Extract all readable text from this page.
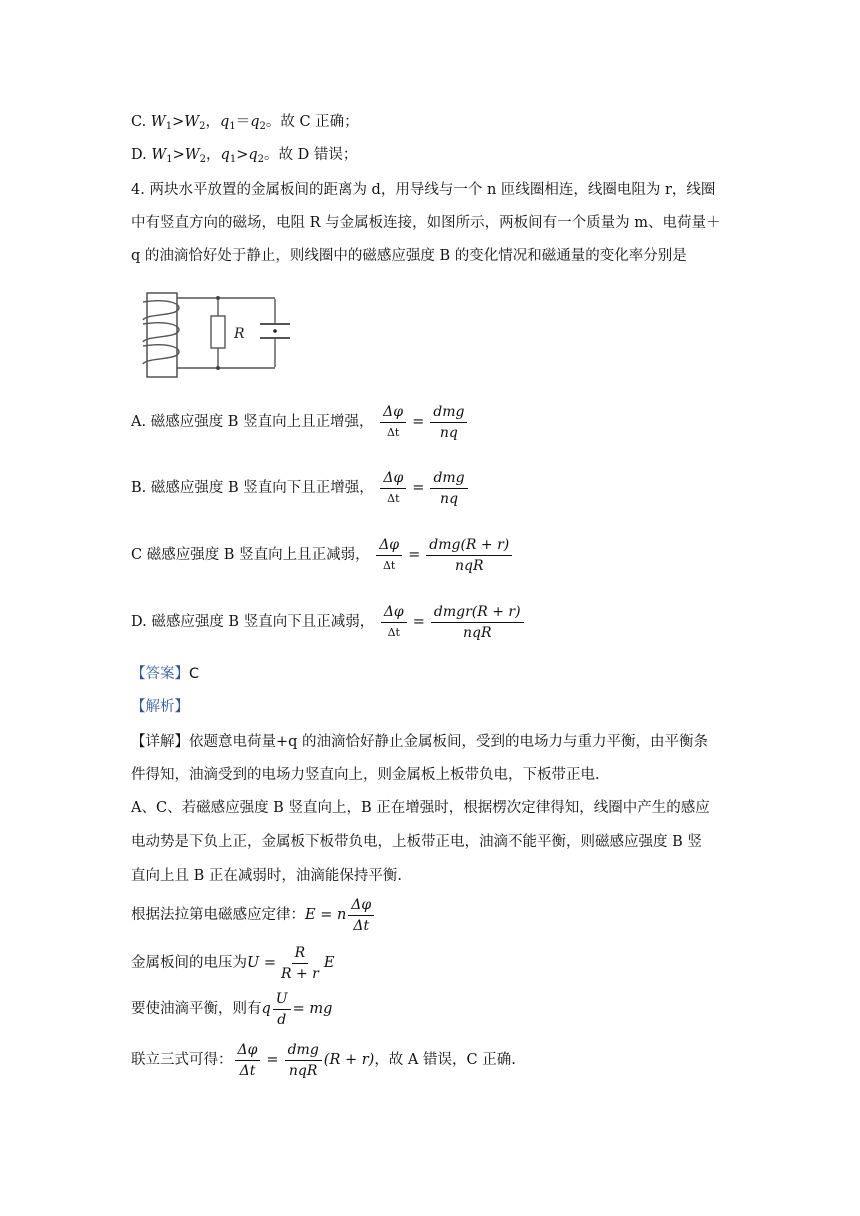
C. $W_1>W_2$，$q_1=q_2$。故 C 正确；
D. $W_1>W_2$，$q_1>q_2$。故 D 错误；
4. 两块水平放置的金属板间的距离为 d，用导线与一个 n 匝线圈相连，线圈电阻为 r，线圈
中有竖直方向的磁场，电阻 R 与金属板连接，如图所示，两板间有一个质量为 m、电荷量＋
q 的油滴恰好处于静止，则线圈中的磁感应强度 B 的变化情况和磁通量的变化率分别是
R
A. 磁感应强度 B 竖直向上且正增强， $\frac{\Delta\varphi}{\Delta t} = \frac{\text{dmg}}{nq}$
B. 磁感应强度 B 竖直向下且正增强， $\frac{\Delta\varphi}{\Delta t} = \frac{\text{dmg}}{nq}$
C 磁感应强度 B 竖直向上且正减弱， $\frac{\Delta\varphi}{\Delta t} = \frac{\text{dmg(R + r)}}{\text{nqR}}$
D. 磁感应强度 B 竖直向下且正减弱， $\frac{\Delta\varphi}{\Delta t} = \frac{\text{dmgr(R + r)}}{\text{nqR}}$
【答案】C
【解析】
【详解】依题意电荷量+q 的油滴恰好静止金属板间，受到的电场力与重力平衡，由平衡条
件得知，油滴受到的电场力竖直向上，则金属板上板带负电，下板带正电.
A、C、若磁感应强度 B 竖直向上，B 正在增强时，根据楞次定律得知，线圈中产生的感应
电动势是下负上正，金属板下板带负电，上板带正电，油滴不能平衡，则磁感应强度 B 竖
直向上且 B 正在减弱时，油滴能保持平衡.
根据法拉第电磁感应定律：E = n $\frac{\Delta\varphi}{\Delta t}$
金属板间的电压为$U = \frac{R}{R + r}$ E
要使油滴平衡，则有q $\frac{U}{d}$ = mg
联立三式可得： $\frac{\Delta\varphi}{\Delta t} = \frac{\text{dmg}}{\text{nqR}} (R + r)$，故 A 错误，C 正确.
